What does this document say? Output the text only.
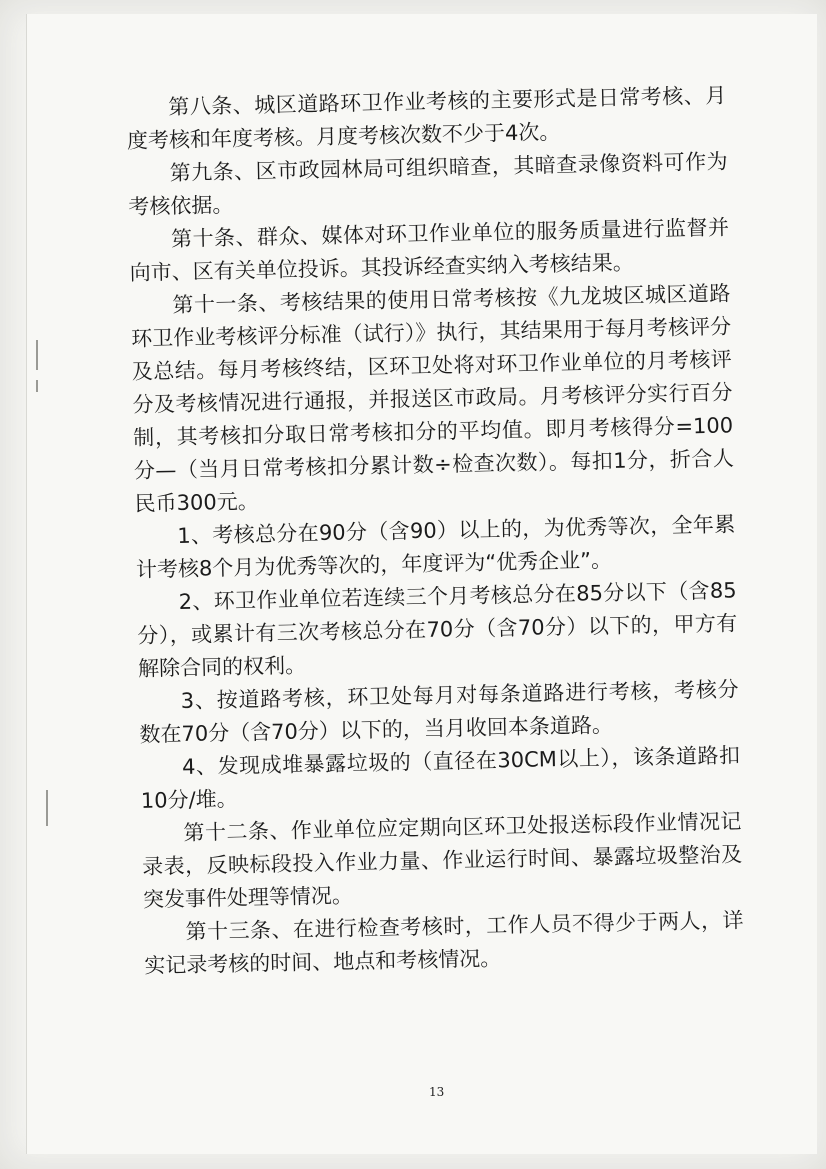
第八条、城区道路环卫作业考核的主要形式是日常考核、月度考核和年度考核。月度考核次数不少于4次。

第九条、区市政园林局可组织暗查，其暗查录像资料可作为考核依据。

第十条、群众、媒体对环卫作业单位的服务质量进行监督并向市、区有关单位投诉。其投诉经查实纳入考核结果。

第十一条、考核结果的使用日常考核按《九龙坡区城区道路环卫作业考核评分标准（试行）》执行，其结果用于每月考核评分及总结。每月考核终结，区环卫处将对环卫作业单位的月考核评分及考核情况进行通报，并报送区市政局。月考核评分实行百分制，其考核扣分取日常考核扣分的平均值。即月考核得分=100分—（当月日常考核扣分累计数÷检查次数）。每扣1分，折合人民币300元。

1、考核总分在90分（含90）以上的，为优秀等次，全年累计考核8个月为优秀等次的，年度评为“优秀企业”。

2、环卫作业单位若连续三个月考核总分在85分以下（含85分），或累计有三次考核总分在70分（含70分）以下的，甲方有解除合同的权利。

3、按道路考核，环卫处每月对每条道路进行考核，考核分数在70分（含70分）以下的，当月收回本条道路。

4、发现成堆暴露垃圾的（直径在30CM以上），该条道路扣10分/堆。

第十二条、作业单位应定期向区环卫处报送标段作业情况记录表，反映标段投入作业力量、作业运行时间、暴露垃圾整治及突发事件处理等情况。

第十三条、在进行检查考核时，工作人员不得少于两人，详实记录考核的时间、地点和考核情况。

13
